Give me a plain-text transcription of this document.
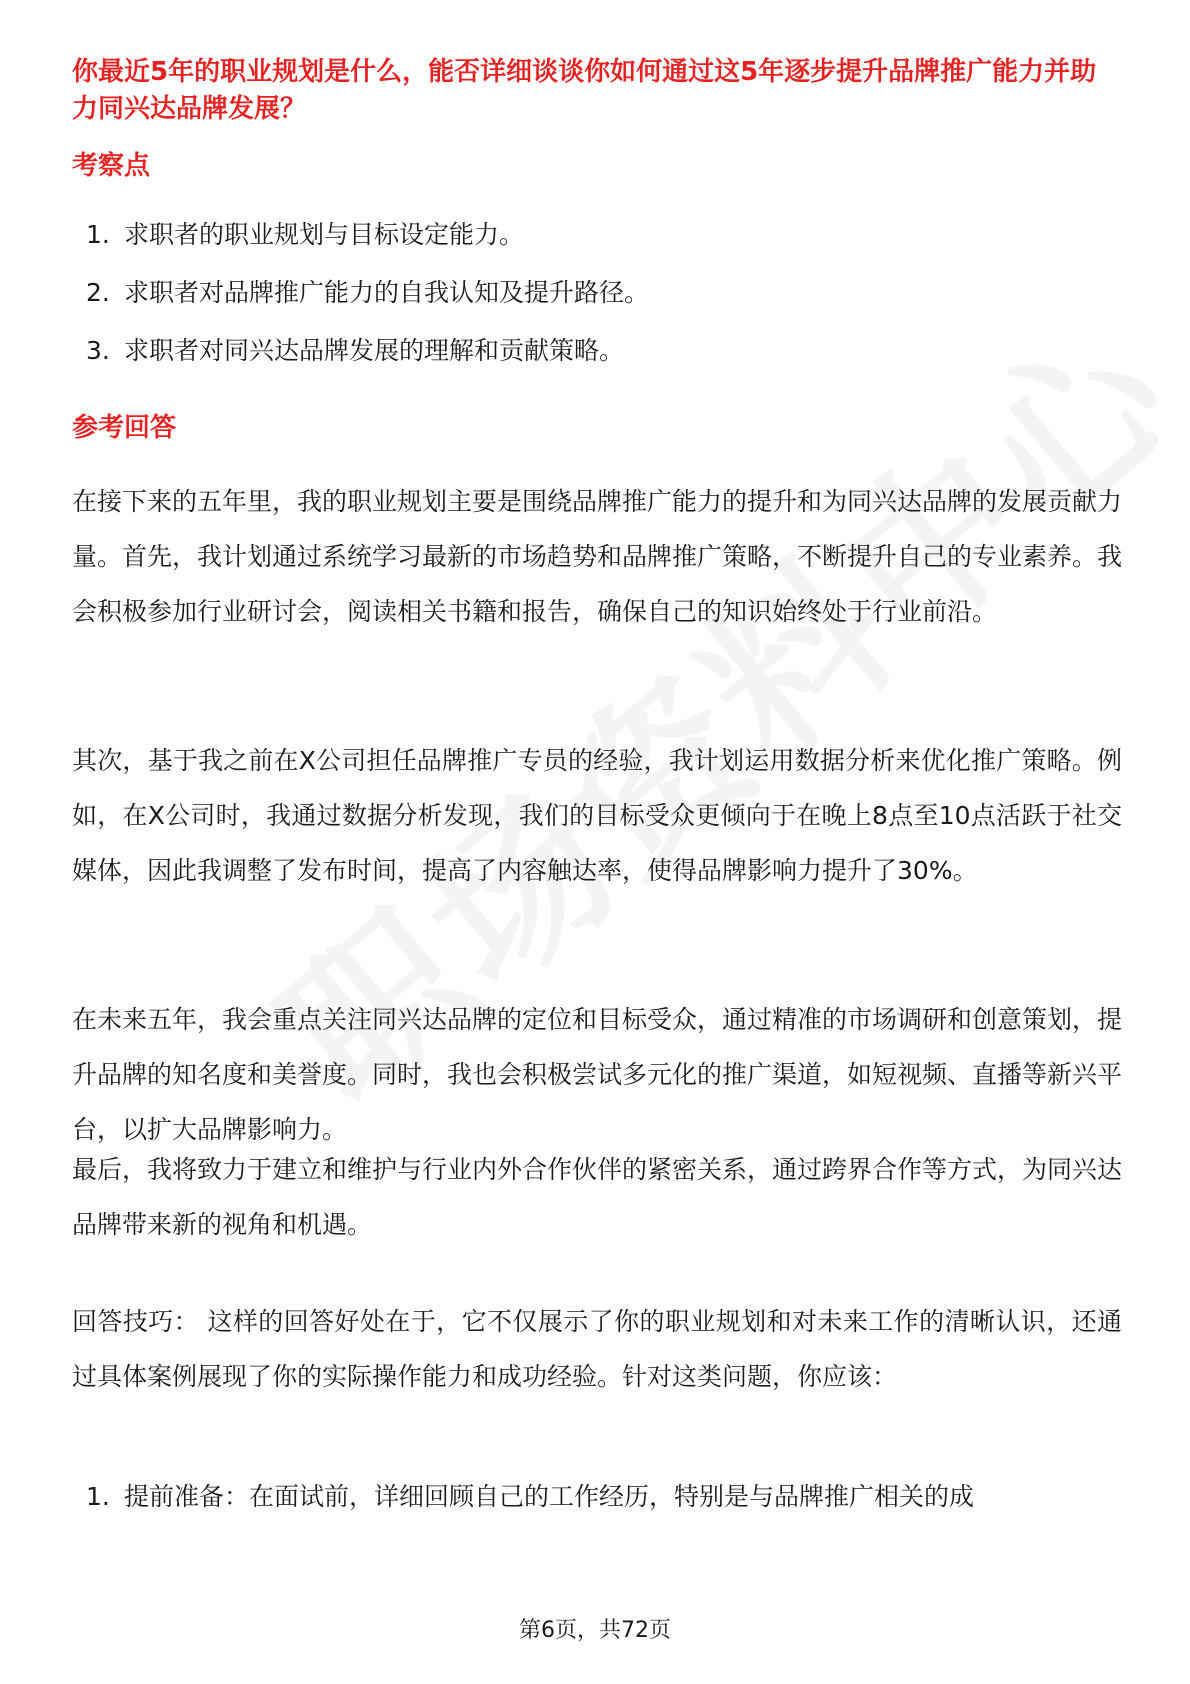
你最近5年的职业规划是什么，能否详细谈谈你如何通过这5年逐步提升品牌推广能力并助力同兴达品牌发展？

考察点

1. 求职者的职业规划与目标设定能力。
2. 求职者对品牌推广能力的自我认知及提升路径。
3. 求职者对同兴达品牌发展的理解和贡献策略。

参考回答

在接下来的五年里，我的职业规划主要是围绕品牌推广能力的提升和为同兴达品牌的发展贡献力量。首先，我计划通过系统学习最新的市场趋势和品牌推广策略，不断提升自己的专业素养。我会积极参加行业研讨会，阅读相关书籍和报告，确保自己的知识始终处于行业前沿。

其次，基于我之前在X公司担任品牌推广专员的经验，我计划运用数据分析来优化推广策略。例如，在X公司时，我通过数据分析发现，我们的目标受众更倾向于在晚上8点至10点活跃于社交媒体，因此我调整了发布时间，提高了内容触达率，使得品牌影响力提升了30%。

在未来五年，我会重点关注同兴达品牌的定位和目标受众，通过精准的市场调研和创意策划，提升品牌的知名度和美誉度。同时，我也会积极尝试多元化的推广渠道，如短视频、直播等新兴平台，以扩大品牌影响力。

最后，我将致力于建立和维护与行业内外合作伙伴的紧密关系，通过跨界合作等方式，为同兴达品牌带来新的视角和机遇。

回答技巧： 这样的回答好处在于，它不仅展示了你的职业规划和对未来工作的清晰认识，还通过具体案例展现了你的实际操作能力和成功经验。针对这类问题，你应该：

1. 提前准备：在面试前，详细回顾自己的工作经历，特别是与品牌推广相关的成
第6页，共72页
